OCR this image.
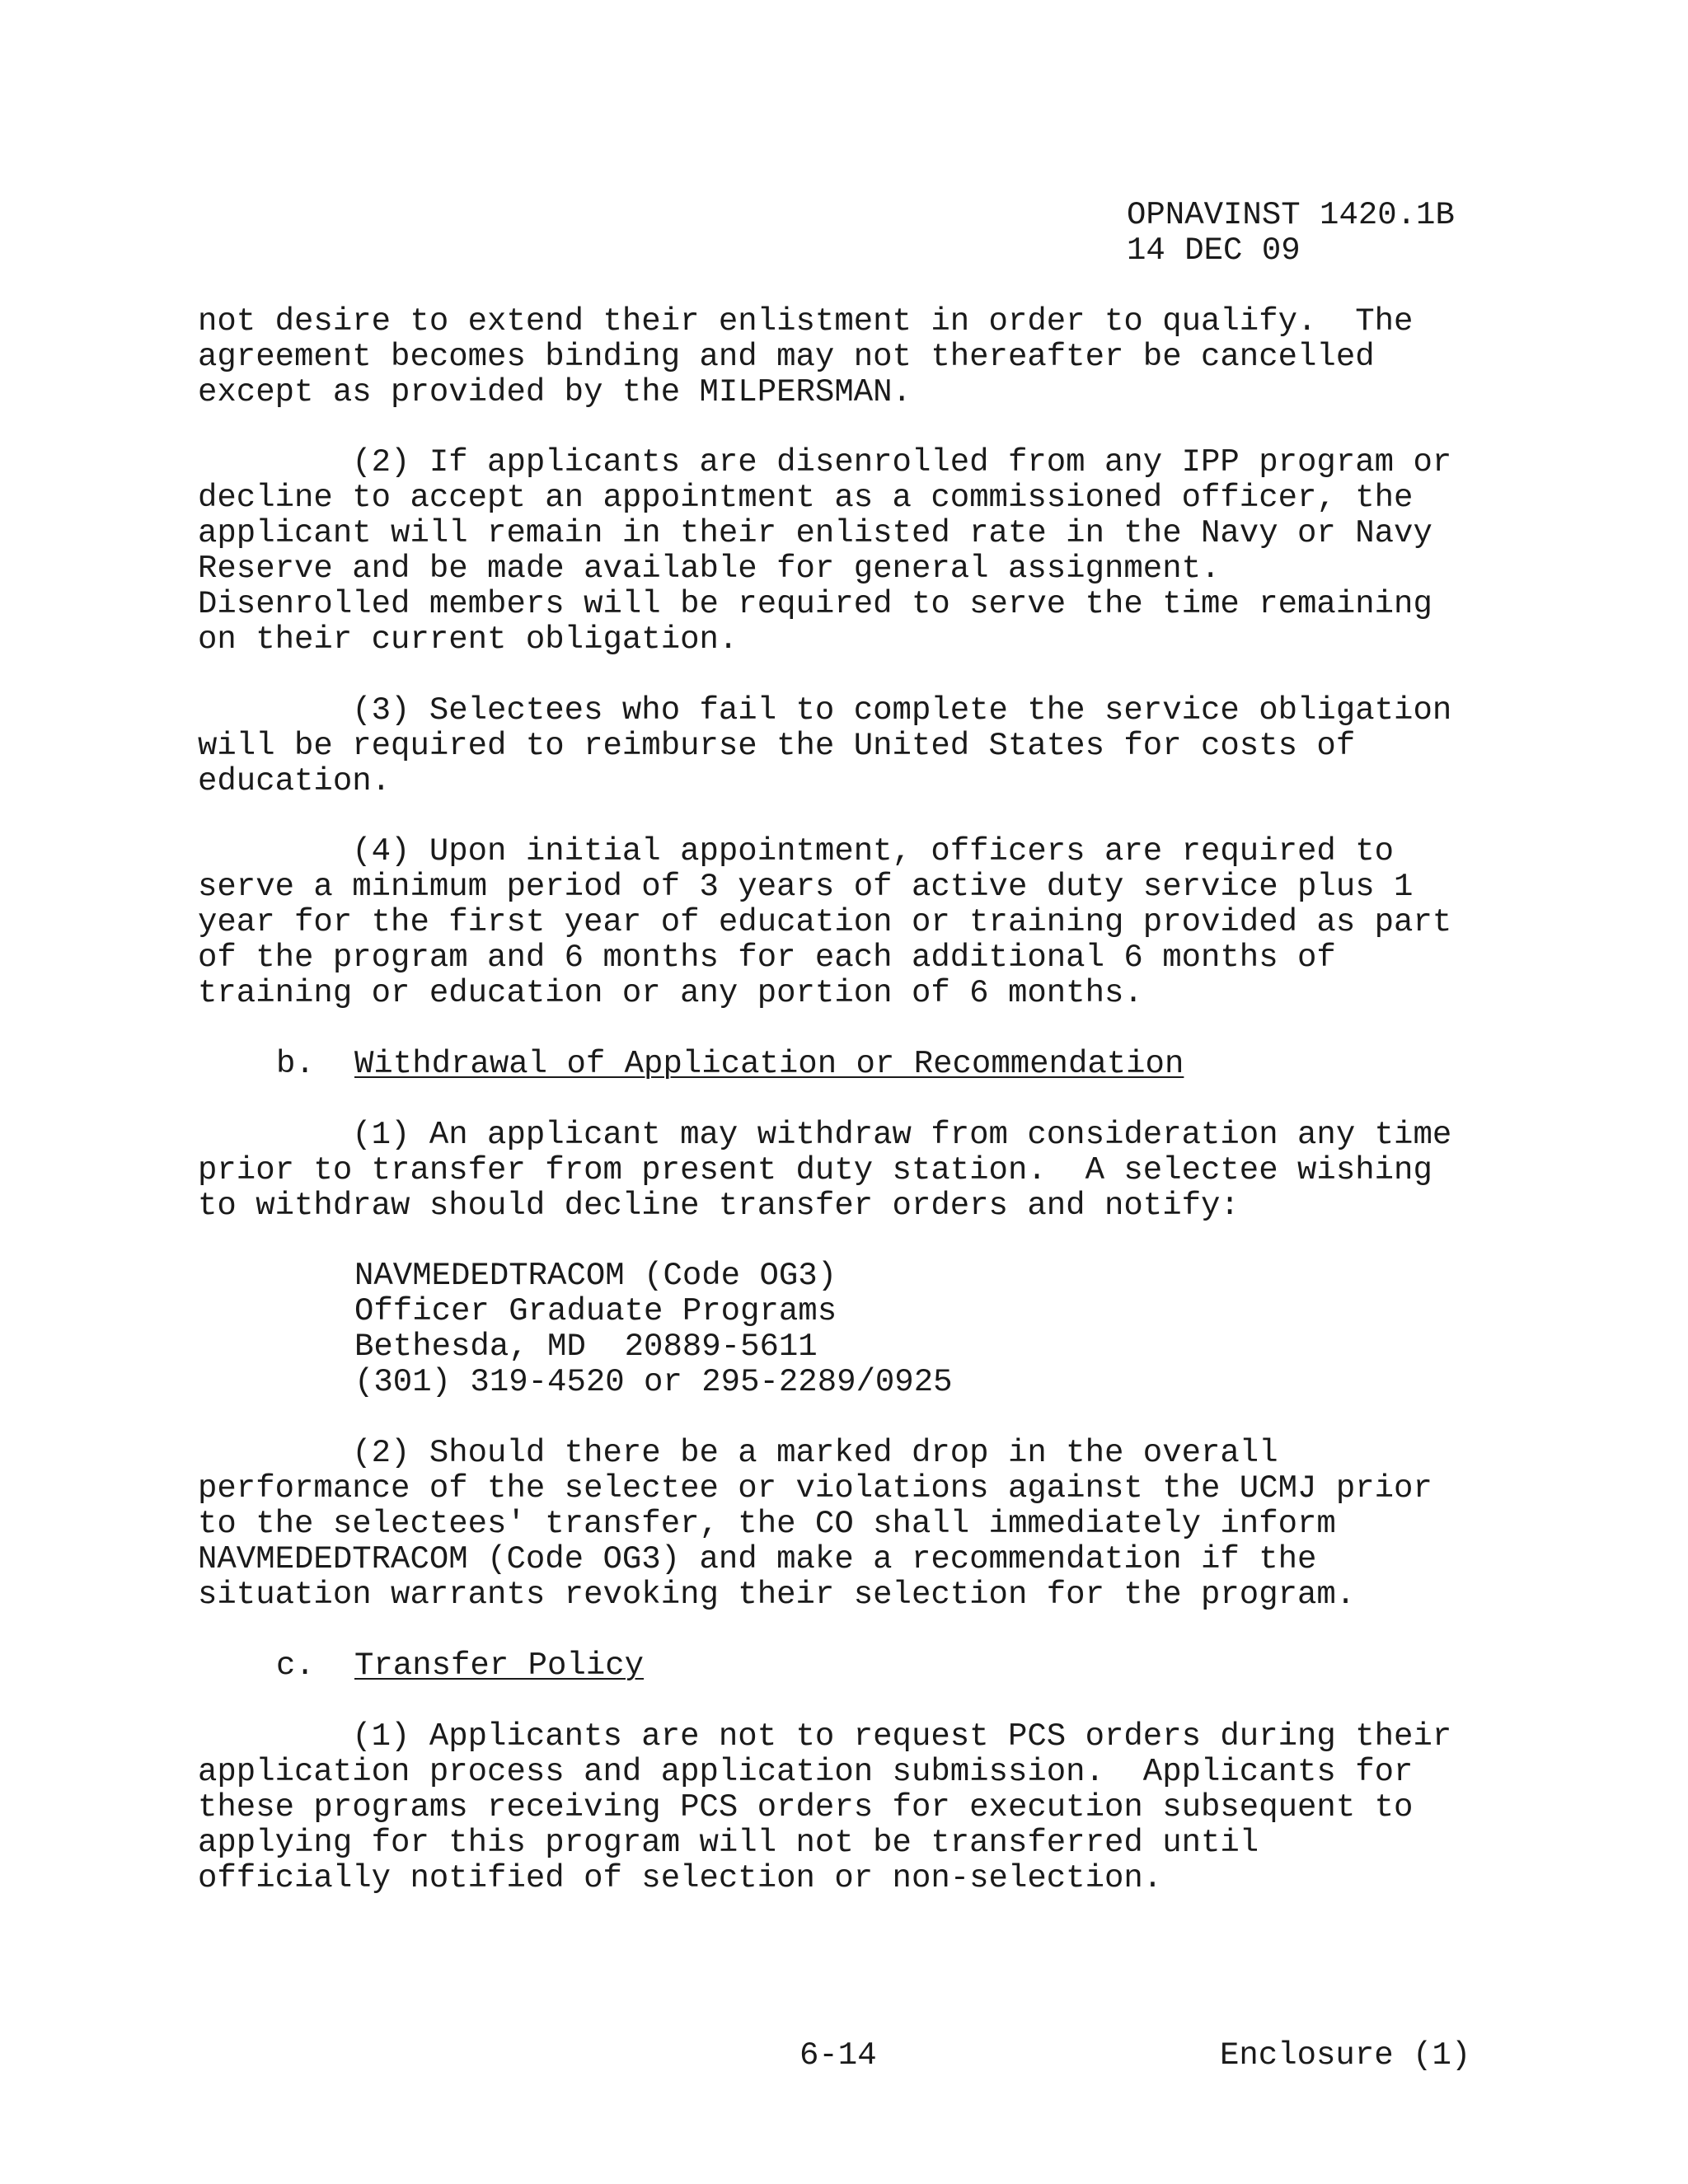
OPNAVINST 1420.1B
14 DEC 09
not desire to extend their enlistment in order to qualify.  The
agreement becomes binding and may not thereafter be cancelled
except as provided by the MILPERSMAN.
(2) If applicants are disenrolled from any IPP program or
decline to accept an appointment as a commissioned officer, the
applicant will remain in their enlisted rate in the Navy or Navy
Reserve and be made available for general assignment.
Disenrolled members will be required to serve the time remaining
on their current obligation.
(3) Selectees who fail to complete the service obligation
will be required to reimburse the United States for costs of
education.
(4) Upon initial appointment, officers are required to
serve a minimum period of 3 years of active duty service plus 1
year for the first year of education or training provided as part
of the program and 6 months for each additional 6 months of
training or education or any portion of 6 months.
b. Withdrawal of Application or Recommendation
(1) An applicant may withdraw from consideration any time
prior to transfer from present duty station.  A selectee wishing
to withdraw should decline transfer orders and notify:
NAVMEDEDTRACOM (Code OG3)
Officer Graduate Programs
Bethesda, MD  20889-5611
(301) 319-4520 or 295-2289/0925
(2) Should there be a marked drop in the overall
performance of the selectee or violations against the UCMJ prior
to the selectees' transfer, the CO shall immediately inform
NAVMEDEDTRACOM (Code OG3) and make a recommendation if the
situation warrants revoking their selection for the program.
c. Transfer Policy
(1) Applicants are not to request PCS orders during their
application process and application submission.  Applicants for
these programs receiving PCS orders for execution subsequent to
applying for this program will not be transferred until
officially notified of selection or non-selection.
6-14	Enclosure (1)
